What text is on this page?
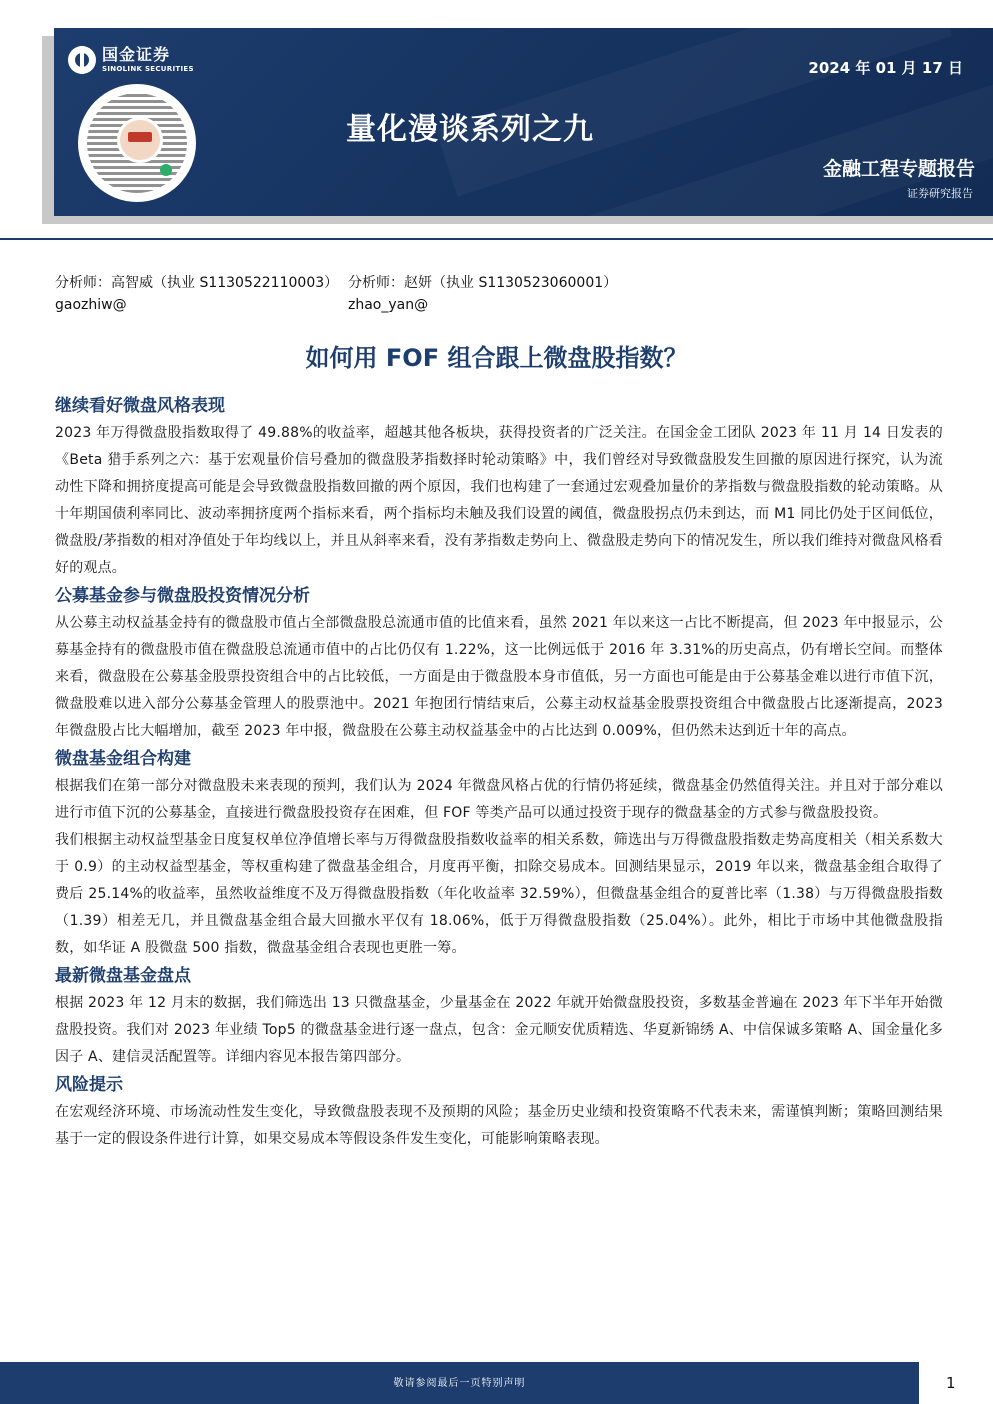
国金证券
SINOLINK SECURITIES	2024 年 01 月 17 日
量化漫谈系列之九
金融工程专题报告
证券研究报告
分析师：高智威（执业 S1130522110003）
gaozhiw@
分析师：赵妍（执业 S1130523060001）
zhao_yan@
如何用 FOF 组合跟上微盘股指数？
继续看好微盘风格表现

2023 年万得微盘股指数取得了 49.88%的收益率，超越其他各板块，获得投资者的广泛关注。在国金金工团队 2023 年 11 月 14 日发表的《Beta 猎手系列之六：基于宏观量价信号叠加的微盘股茅指数择时轮动策略》中，我们曾经对导致微盘股发生回撤的原因进行探究，认为流动性下降和拥挤度提高可能是会导致微盘股指数回撤的两个原因，我们也构建了一套通过宏观叠加量价的茅指数与微盘股指数的轮动策略。从十年期国债利率同比、波动率拥挤度两个指标来看，两个指标均未触及我们设置的阈值，微盘股拐点仍未到达，而 M1 同比仍处于区间低位，微盘股/茅指数的相对净值处于年均线以上，并且从斜率来看，没有茅指数走势向上、微盘股走势向下的情况发生，所以我们维持对微盘风格看好的观点。

公募基金参与微盘股投资情况分析

从公募主动权益基金持有的微盘股市值占全部微盘股总流通市值的比值来看，虽然 2021 年以来这一占比不断提高，但 2023 年中报显示，公募基金持有的微盘股市值在微盘股总流通市值中的占比仍仅有 1.22%，这一比例远低于 2016 年 3.31%的历史高点，仍有增长空间。而整体来看，微盘股在公募基金股票投资组合中的占比较低，一方面是由于微盘股本身市值低，另一方面也可能是由于公募基金难以进行市值下沉，微盘股难以进入部分公募基金管理人的股票池中。2021 年抱团行情结束后，公募主动权益基金股票投资组合中微盘股占比逐渐提高，2023 年微盘股占比大幅增加，截至 2023 年中报，微盘股在公募主动权益基金中的占比达到 0.009%，但仍然未达到近十年的高点。

微盘基金组合构建

根据我们在第一部分对微盘股未来表现的预判，我们认为 2024 年微盘风格占优的行情仍将延续，微盘基金仍然值得关注。并且对于部分难以进行市值下沉的公募基金，直接进行微盘股投资存在困难，但 FOF 等类产品可以通过投资于现存的微盘基金的方式参与微盘股投资。

我们根据主动权益型基金日度复权单位净值增长率与万得微盘股指数收益率的相关系数，筛选出与万得微盘股指数走势高度相关（相关系数大于 0.9）的主动权益型基金，等权重构建了微盘基金组合，月度再平衡，扣除交易成本。回测结果显示，2019 年以来，微盘基金组合取得了费后 25.14%的收益率，虽然收益维度不及万得微盘股指数（年化收益率 32.59%），但微盘基金组合的夏普比率（1.38）与万得微盘股指数（1.39）相差无几，并且微盘基金组合最大回撤水平仅有 18.06%，低于万得微盘股指数（25.04%）。此外，相比于市场中其他微盘股指数，如华证 A 股微盘 500 指数，微盘基金组合表现也更胜一筹。

最新微盘基金盘点

根据 2023 年 12 月末的数据，我们筛选出 13 只微盘基金，少量基金在 2022 年就开始微盘股投资，多数基金普遍在 2023 年下半年开始微盘股投资。我们对 2023 年业绩 Top5 的微盘基金进行逐一盘点，包含：金元顺安优质精选、华夏新锦绣 A、中信保诚多策略 A、国金量化多因子 A、建信灵活配置等。详细内容见本报告第四部分。

风险提示

在宏观经济环境、市场流动性发生变化，导致微盘股表现不及预期的风险；基金历史业绩和投资策略不代表未来，需谨慎判断；策略回测结果基于一定的假设条件进行计算，如果交易成本等假设条件发生变化，可能影响策略表现。

敬请参阅最后一页特别声明	1
